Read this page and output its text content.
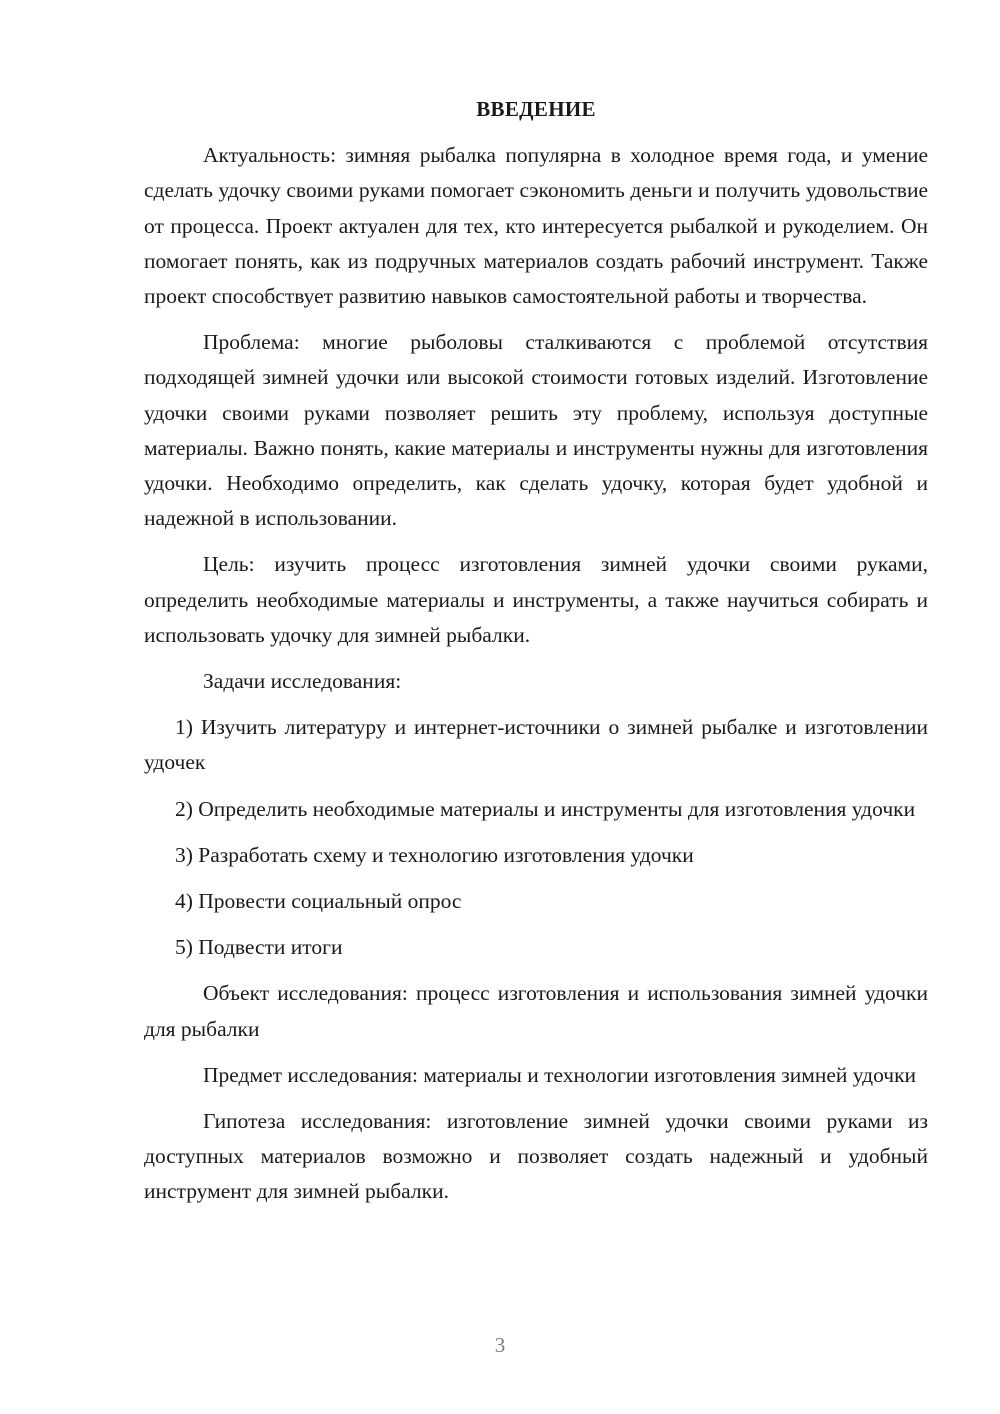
ВВЕДЕНИЕ

Актуальность: зимняя рыбалка популярна в холодное время года, и умение сделать удочку своими руками помогает сэкономить деньги и получить удовольствие от процесса. Проект актуален для тех, кто интересуется рыбалкой и рукоделием. Он помогает понять, как из подручных материалов создать рабочий инструмент. Также проект способствует развитию навыков самостоятельной работы и творчества.

Проблема: многие рыболовы сталкиваются с проблемой отсутствия подходящей зимней удочки или высокой стоимости готовых изделий. Изготовление удочки своими руками позволяет решить эту проблему, используя доступные материалы. Важно понять, какие материалы и инструменты нужны для изготовления удочки. Необходимо определить, как сделать удочку, которая будет удобной и надежной в использовании.

Цель: изучить процесс изготовления зимней удочки своими руками, определить необходимые материалы и инструменты, а также научиться собирать и использовать удочку для зимней рыбалки.

Задачи исследования:

1) Изучить литературу и интернет-источники о зимней рыбалке и изготовлении удочек

2) Определить необходимые материалы и инструменты для изготовления удочки

3) Разработать схему и технологию изготовления удочки

4) Провести социальный опрос

5) Подвести итоги

Объект исследования: процесс изготовления и использования зимней удочки для рыбалки

Предмет исследования: материалы и технологии изготовления зимней удочки

Гипотеза исследования: изготовление зимней удочки своими руками из доступных материалов возможно и позволяет создать надежный и удобный инструмент для зимней рыбалки.

3
